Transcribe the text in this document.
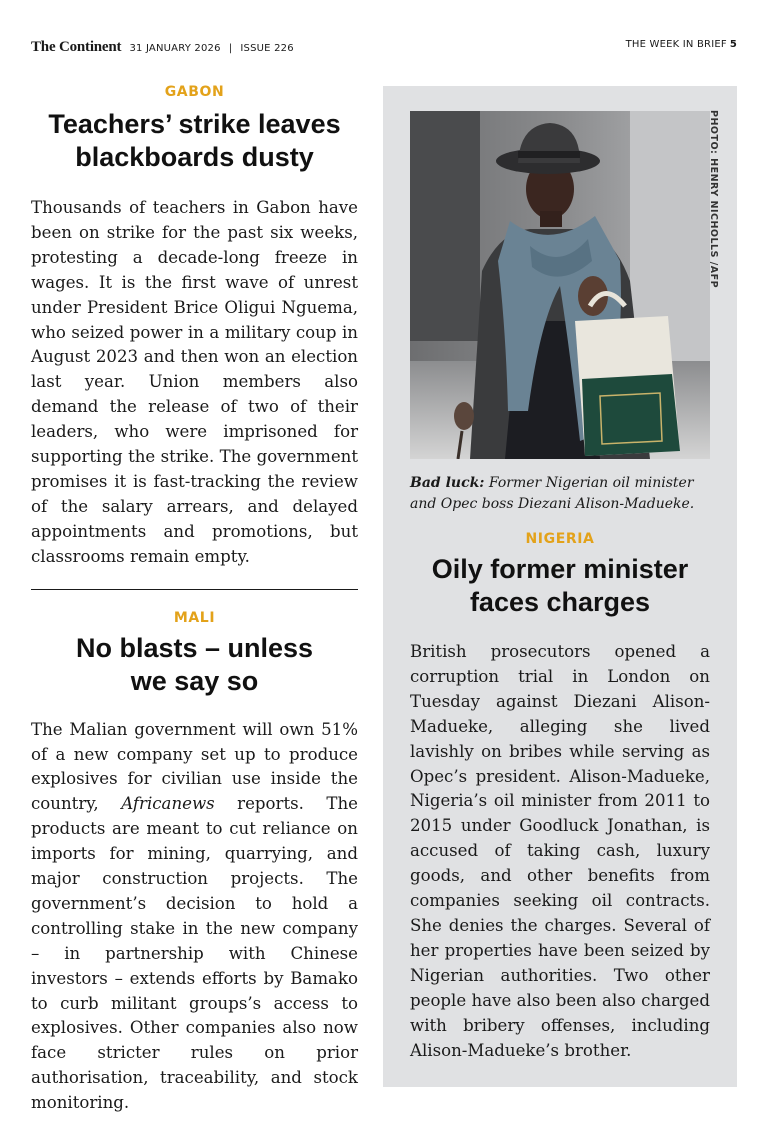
The Continent 31 JANUARY 2026 | ISSUE 226	THE WEEK IN BRIEF 5
GABON
Teachers’ strike leaves
blackboards dusty

Thousands of teachers in Gabon have been on strike for the past six weeks, protesting a decade-long freeze in wages. It is the first wave of unrest under President Brice Oligui Nguema, who seized power in a military coup in August 2023 and then won an election last year. Union members also demand the release of two of their leaders, who were imprisoned for supporting the strike. The government promises it is fast-tracking the review of the salary arrears, and delayed appointments and promotions, but classrooms remain empty.

MALI
No blasts – unless
we say so

The Malian government will own 51% of a new company set up to produce explosives for civilian use inside the country, Africanews reports. The products are meant to cut reliance on imports for mining, quarrying, and major construction projects. The government’s decision to hold a controlling stake in the new company – in partnership with Chinese investors – extends efforts by Bamako to curb militant groups’s access to explosives. Other companies also now face stricter rules on prior authorisation, traceability, and stock monitoring.

PHOTO: HENRY NICHOLLS /AFP
Bad luck: Former Nigerian oil minister and Opec boss Diezani Alison-Madueke.
NIGERIA
Oily former minister
faces charges

British prosecutors opened a corruption trial in London on Tuesday against Diezani Alison-Madueke, alleging she lived lavishly on bribes while serving as Opec’s president. Alison-Madueke, Nigeria’s oil minister from 2011 to 2015 under Goodluck Jonathan, is accused of taking cash, luxury goods, and other benefits from companies seeking oil contracts. She denies the charges. Several of her properties have been seized by Nigerian authorities. Two other people have also been also charged with bribery offenses, including Alison-Madueke’s brother.
